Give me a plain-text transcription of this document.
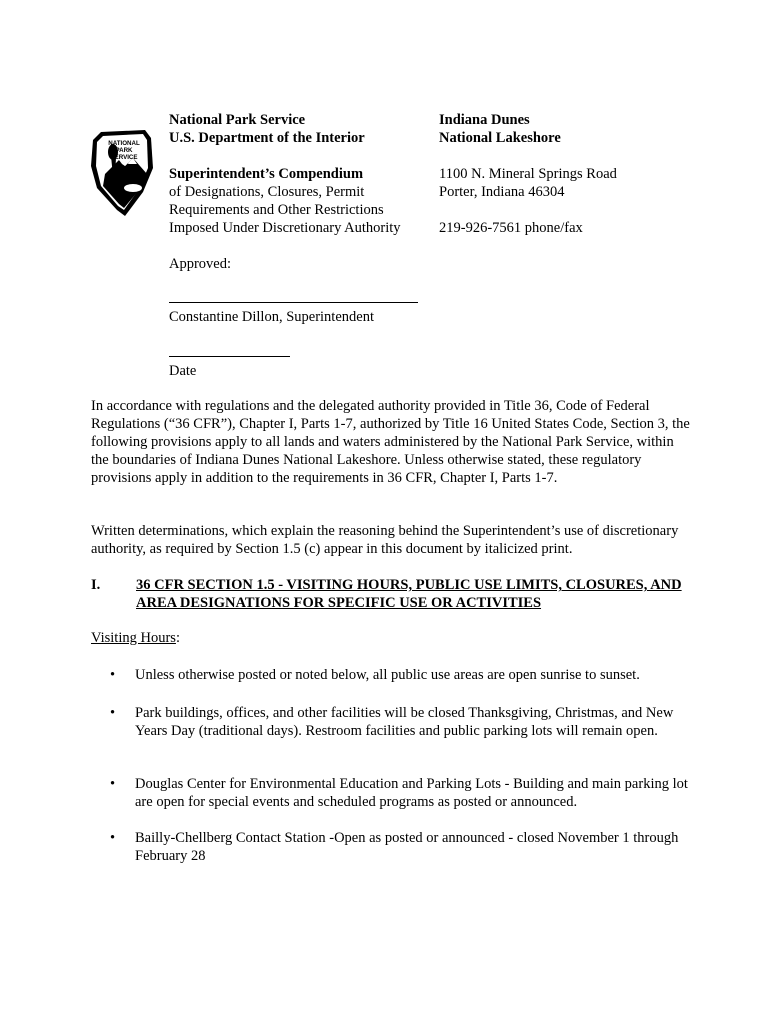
NATIONAL
PARK
SERVICE
National Park Service
U.S. Department of the Interior
Superintendent’s Compendium
of Designations, Closures, Permit
Requirements and Other Restrictions
Imposed Under Discretionary Authority
Approved:
Constantine Dillon, Superintendent
Date
Indiana Dunes
National Lakeshore
1100 N. Mineral Springs Road
Porter, Indiana 46304
219-926-7561 phone/fax
In accordance with regulations and the delegated authority provided in Title 36, Code of Federal Regulations (“36 CFR”), Chapter I, Parts 1-7, authorized by Title 16 United States Code, Section 3, the following provisions apply to all lands and waters administered by the National Park Service, within the boundaries of Indiana Dunes National Lakeshore. Unless otherwise stated, these regulatory provisions apply in addition to the requirements in 36 CFR, Chapter I, Parts 1-7.
Written determinations, which explain the reasoning behind the Superintendent’s use of discretionary authority, as required by Section 1.5 (c) appear in this document by italicized print.
I. 36 CFR SECTION 1.5 - VISITING HOURS, PUBLIC USE LIMITS, CLOSURES, AND AREA DESIGNATIONS FOR SPECIFIC USE OR ACTIVITIES
Visiting Hours:
• Unless otherwise posted or noted below, all public use areas are open sunrise to sunset.
• Park buildings, offices, and other facilities will be closed Thanksgiving, Christmas, and New Years Day (traditional days). Restroom facilities and public parking lots will remain open.
• Douglas Center for Environmental Education and Parking Lots - Building and main parking lot are open for special events and scheduled programs as posted or announced.
• Bailly-Chellberg Contact Station -Open as posted or announced - closed November 1 through February 28
